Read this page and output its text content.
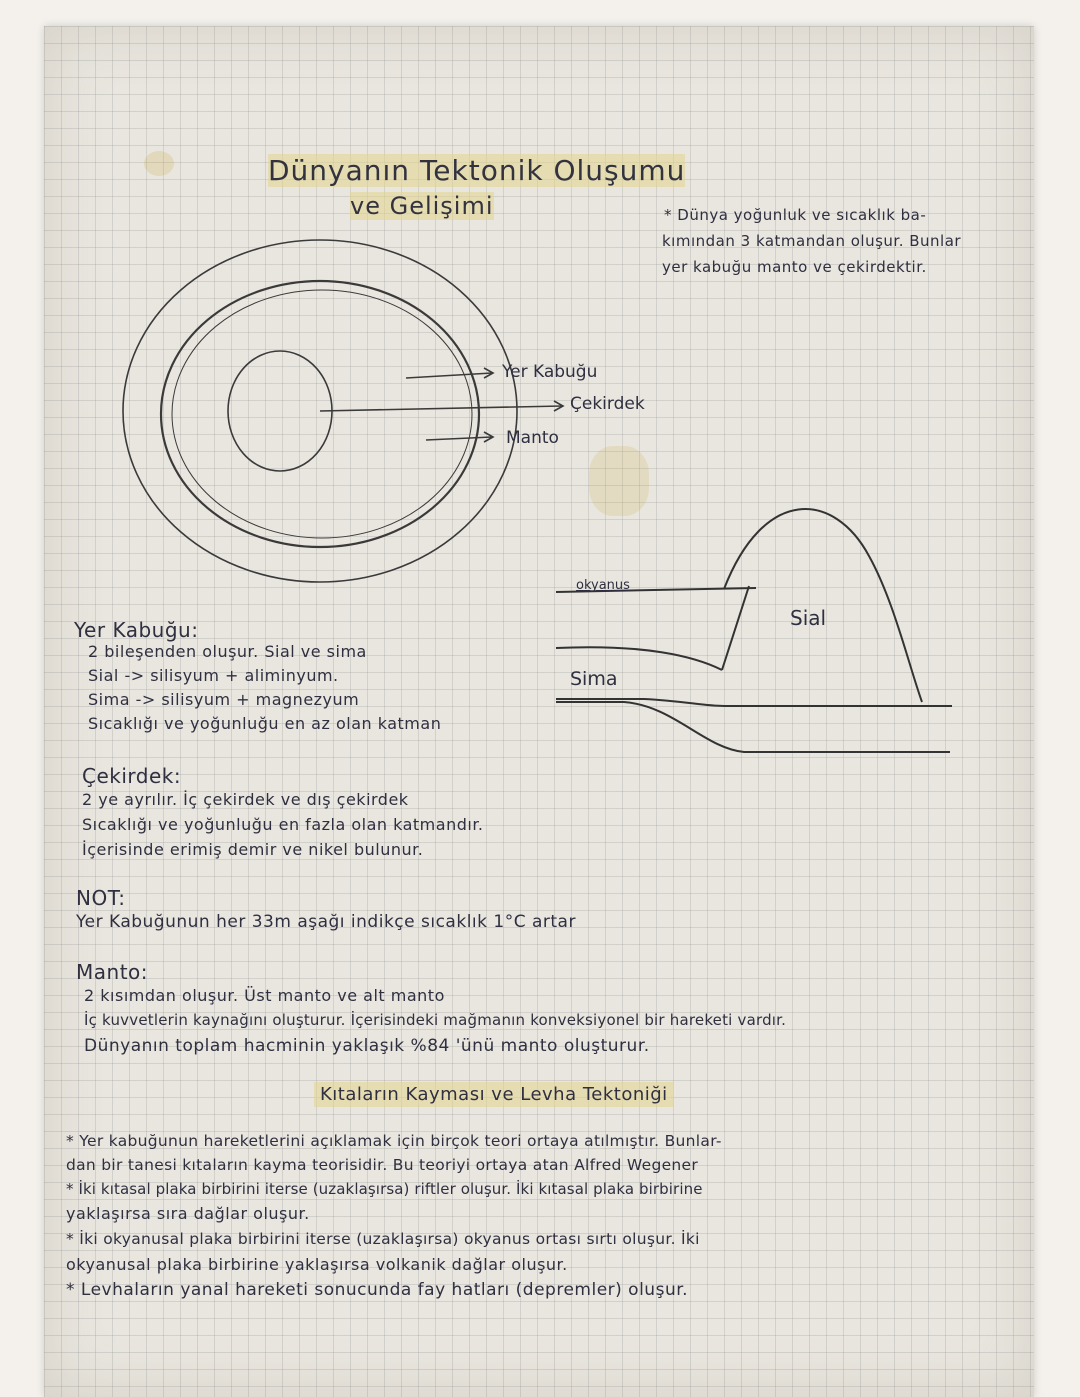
Dünyanın Tektonik Oluşumu
ve Gelişimi	* Dünya yoğunluk ve sıcaklık ba-
kımından 3 katmandan oluşur. Bunlar
yer kabuğu manto ve çekirdektir.
Yer Kabuğu
Çekirdek
Manto
okyanus
Sial
Sima
Yer Kabuğu:
2 bileşenden oluşur. Sial ve sima
Sial -> silisyum + aliminyum.
Sima -> silisyum + magnezyum
Sıcaklığı ve yoğunluğu en az olan katman
Çekirdek:
2 ye ayrılır. İç çekirdek ve dış çekirdek
Sıcaklığı ve yoğunluğu en fazla olan katmandır.
İçerisinde erimiş demir ve nikel bulunur.
NOT:
Yer Kabuğunun her 33m aşağı indikçe sıcaklık 1°C artar
Manto:
2 kısımdan oluşur. Üst manto ve alt manto
İç kuvvetlerin kaynağını oluşturur. İçerisindeki mağmanın konveksiyonel bir hareketi vardır.
Dünyanın toplam hacminin yaklaşık %84 'ünü manto oluşturur.
Kıtaların Kayması ve Levha Tektoniği
* Yer kabuğunun hareketlerini açıklamak için birçok teori ortaya atılmıştır. Bunlar-
dan bir tanesi kıtaların kayma teorisidir. Bu teoriyi ortaya atan Alfred Wegener
* İki kıtasal plaka birbirini iterse (uzaklaşırsa) riftler oluşur. İki kıtasal plaka birbirine
yaklaşırsa sıra dağlar oluşur.
* İki okyanusal plaka birbirini iterse (uzaklaşırsa) okyanus ortası sırtı oluşur. İki
okyanusal plaka birbirine yaklaşırsa volkanik dağlar oluşur.
* Levhaların yanal hareketi sonucunda fay hatları (depremler) oluşur.
